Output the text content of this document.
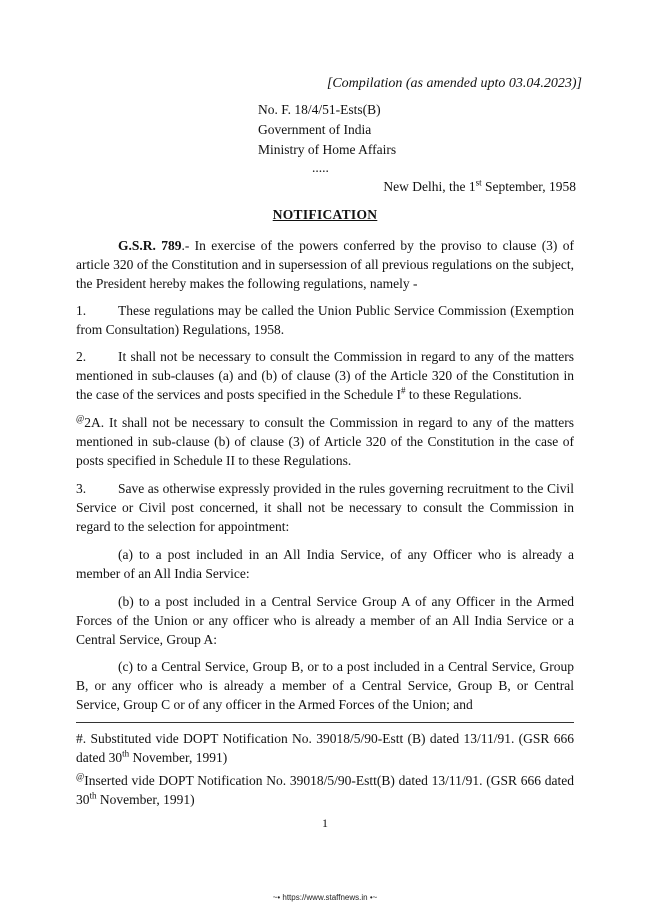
[Compilation (as amended upto 03.04.2023)]
No. F. 18/4/51-Ests(B)
Government of India
Ministry of Home Affairs
.....
New Delhi, the 1st September, 1958
NOTIFICATION

G.S.R. 789.- In exercise of the powers conferred by the proviso to clause (3) of article 320 of the Constitution and in supersession of all previous regulations on the subject, the President hereby makes the following regulations, namely -

1. These regulations may be called the Union Public Service Commission (Exemption from Consultation) Regulations, 1958.

2. It shall not be necessary to consult the Commission in regard to any of the matters mentioned in sub-clauses (a) and (b) of clause (3) of the Article 320 of the Constitution in the case of the services and posts specified in the Schedule I# to these Regulations.

@2A. It shall not be necessary to consult the Commission in regard to any of the matters mentioned in sub-clause (b) of clause (3) of Article 320 of the Constitution in the case of posts specified in Schedule II to these Regulations.

3. Save as otherwise expressly provided in the rules governing recruitment to the Civil Service or Civil post concerned, it shall not be necessary to consult the Commission in regard to the selection for appointment:

(a) to a post included in an All India Service, of any Officer who is already a member of an All India Service:

(b) to a post included in a Central Service Group A of any Officer in the Armed Forces of the Union or any officer who is already a member of an All India Service or a Central Service, Group A:

(c) to a Central Service, Group B, or to a post included in a Central Service, Group B, or any officer who is already a member of a Central Service, Group B, or Central Service, Group C or of any officer in the Armed Forces of the Union; and

#. Substituted vide DOPT Notification No. 39018/5/90-Estt (B) dated 13/11/91. (GSR 666 dated 30th November, 1991)
@Inserted vide DOPT Notification No. 39018/5/90-Estt(B) dated 13/11/91. (GSR 666 dated 30th November, 1991)
1
~• https://www.staffnews.in •~
